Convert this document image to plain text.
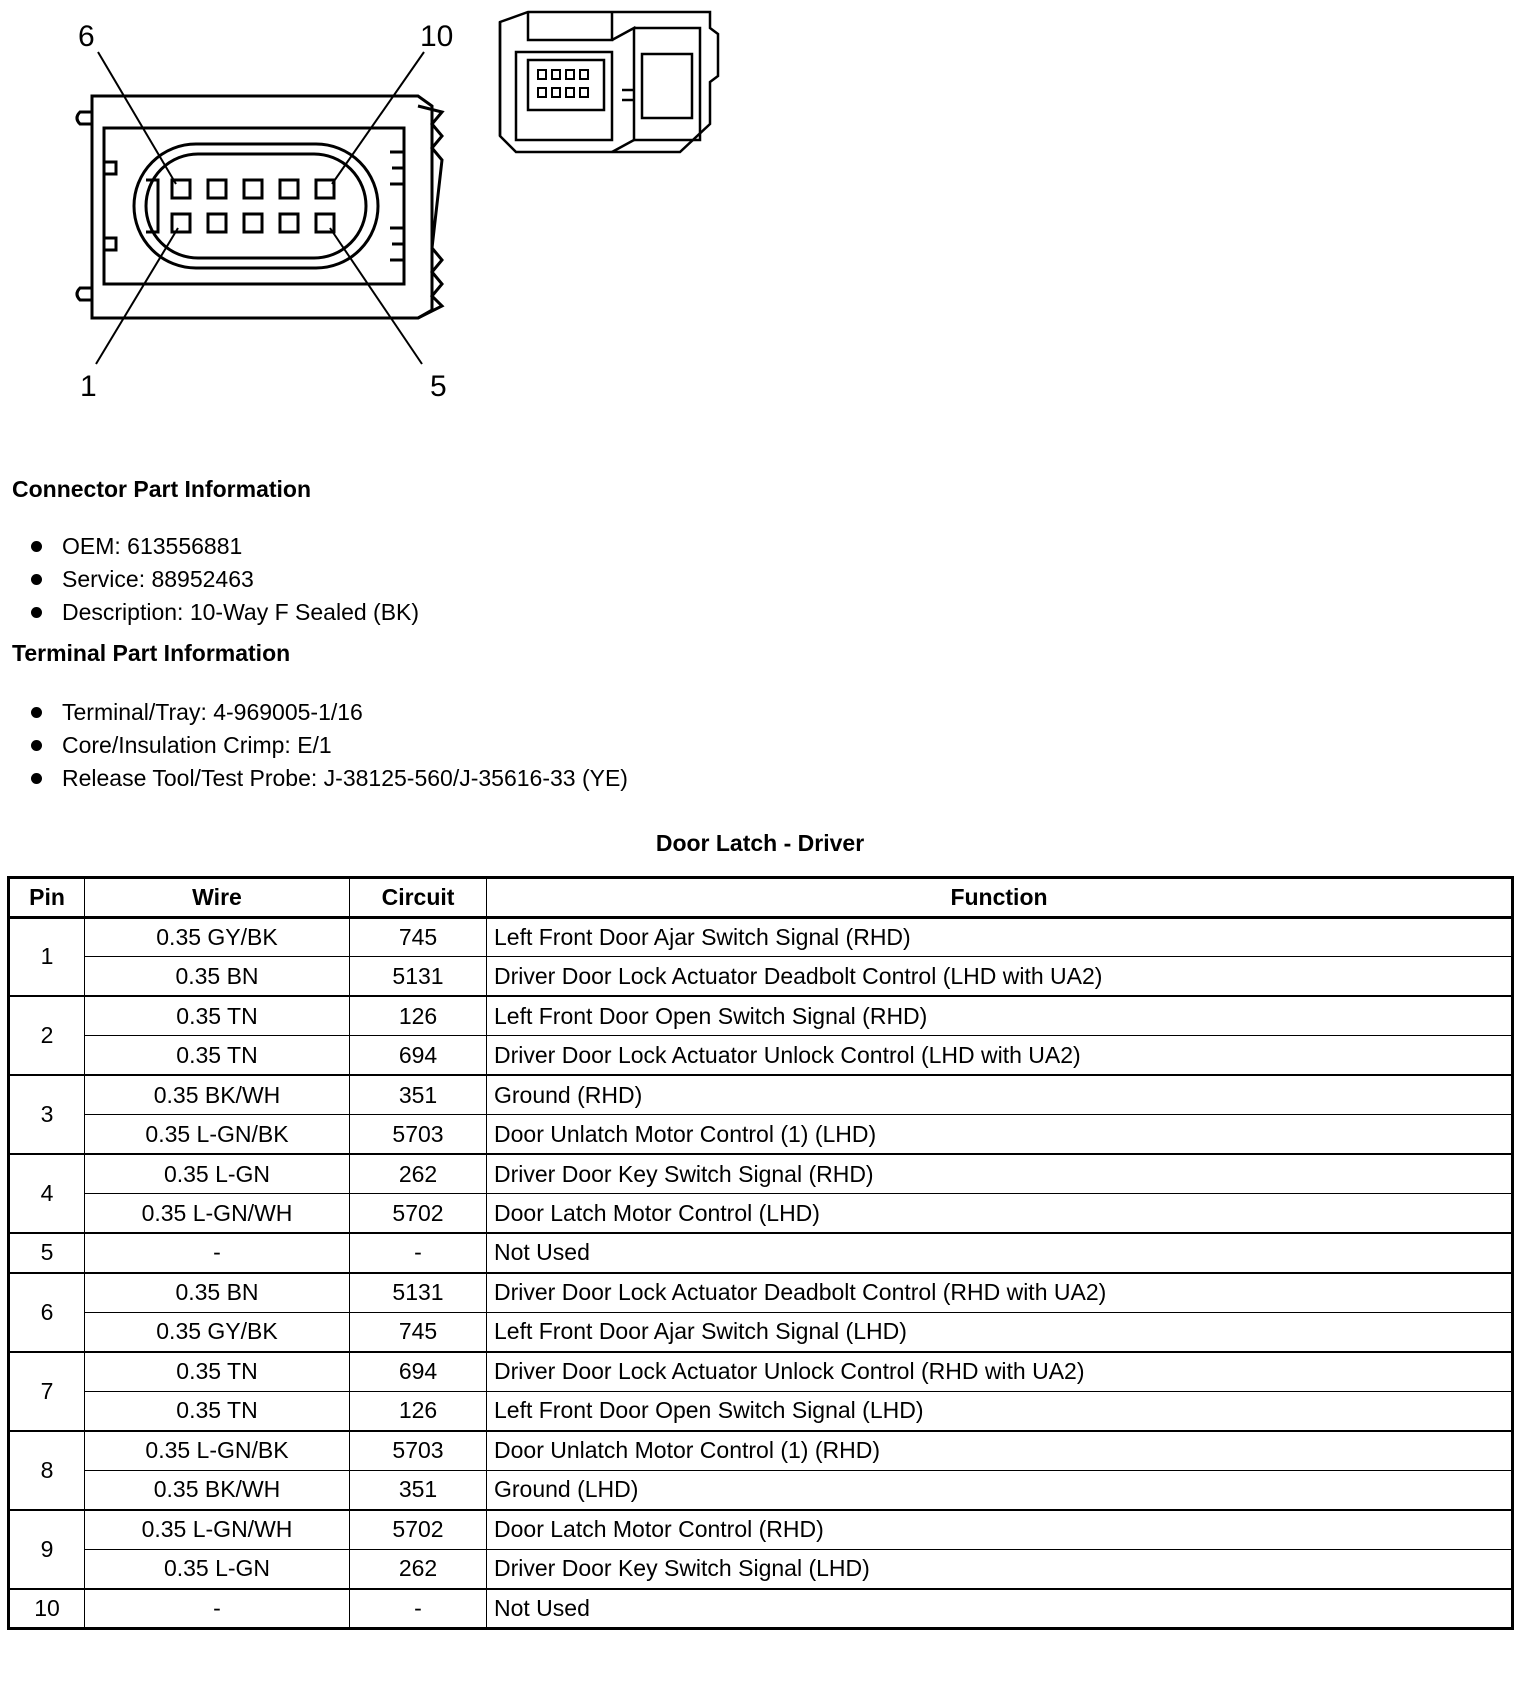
6	10
1	5
Connector Part Information
OEM: 613556881
Service: 88952463
Description: 10-Way F Sealed (BK)
Terminal Part Information
Terminal/Tray: 4-969005-1/16
Core/Insulation Crimp: E/1
Release Tool/Test Probe: J-38125-560/J-35616-33 (YE)
Door Latch - Driver
Pin	Wire	Circuit	Function
1	0.35 GY/BK	745	Left Front Door Ajar Switch Signal (RHD)
	0.35 BN	5131	Driver Door Lock Actuator Deadbolt Control (LHD with UA2)
2	0.35 TN	126	Left Front Door Open Switch Signal (RHD)
	0.35 TN	694	Driver Door Lock Actuator Unlock Control (LHD with UA2)
3	0.35 BK/WH	351	Ground (RHD)
	0.35 L-GN/BK	5703	Door Unlatch Motor Control (1) (LHD)
4	0.35 L-GN	262	Driver Door Key Switch Signal (RHD)
	0.35 L-GN/WH	5702	Door Latch Motor Control (LHD)
5	-	-	Not Used
6	0.35 BN	5131	Driver Door Lock Actuator Deadbolt Control (RHD with UA2)
	0.35 GY/BK	745	Left Front Door Ajar Switch Signal (LHD)
7	0.35 TN	694	Driver Door Lock Actuator Unlock Control (RHD with UA2)
	0.35 TN	126	Left Front Door Open Switch Signal (LHD)
8	0.35 L-GN/BK	5703	Door Unlatch Motor Control (1) (RHD)
	0.35 BK/WH	351	Ground (LHD)
9	0.35 L-GN/WH	5702	Door Latch Motor Control (RHD)
	0.35 L-GN	262	Driver Door Key Switch Signal (LHD)
10	-	-	Not Used
